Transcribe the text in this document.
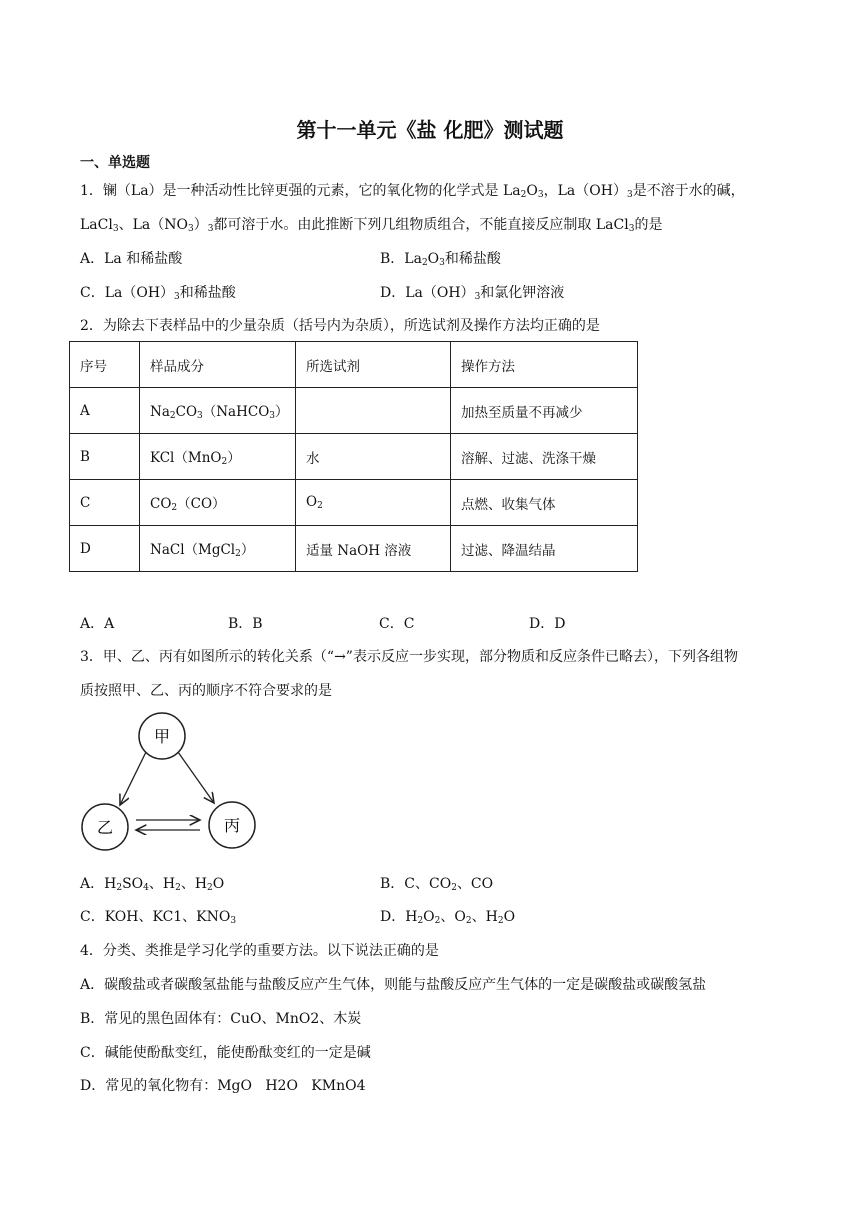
第十一单元《盐 化肥》测试题
一、单选题
1．镧（La）是一种活动性比锌更强的元素，它的氧化物的化学式是 $La_2O_3$，$La(OH)_3$是不溶于水的碱，
LaCl$_3$、$La(NO_3)_3$都可溶于水。由此推断下列几组物质组合，不能直接反应制取 LaCl$_3$的是
A．La 和稀盐酸	B．$La_2O_3$和稀盐酸
C．$La(OH)_3$和稀盐酸	D．$La(OH)_3$和氯化钾溶液
2．为除去下表样品中的少量杂质（括号内为杂质），所选试剂及操作方法均正确的是
序号	样品成分	所选试剂	操作方法
A	$Na_2CO_3(NaHCO_3)$		加热至质量不再减少
B	KCl（MnO$_2$）	水	溶解、过滤、洗涤干燥
C	$CO_2(CO)$	$O_2$	点燃、收集气体
D	NaCl（MgCl$_2$）	适量 NaOH 溶液	过滤、降温结晶
A．A	B．B	C．C	D．D
3．甲、乙、丙有如图所示的转化关系（“→”表示反应一步实现，部分物质和反应条件已略去），下列各组物
质按照甲、乙、丙的顺序不符合要求的是
甲
乙	丙
A．$H_2SO_4$、$H_2$、$H_2O$	B．C、$CO_2$、CO
C．KOH、KC1、$KNO_3$	D．$H_2O_2$、$O_2$、$H_2O$
4．分类、类推是学习化学的重要方法。以下说法正确的是
A．碳酸盐或者碳酸氢盐能与盐酸反应产生气体，则能与盐酸反应产生气体的一定是碳酸盐或碳酸氢盐
B．常见的黑色固体有：CuO、MnO2、木炭
C．碱能使酚酞变红，能使酚酞变红的一定是碱
D．常见的氧化物有：MgO   H2O   KMnO4
